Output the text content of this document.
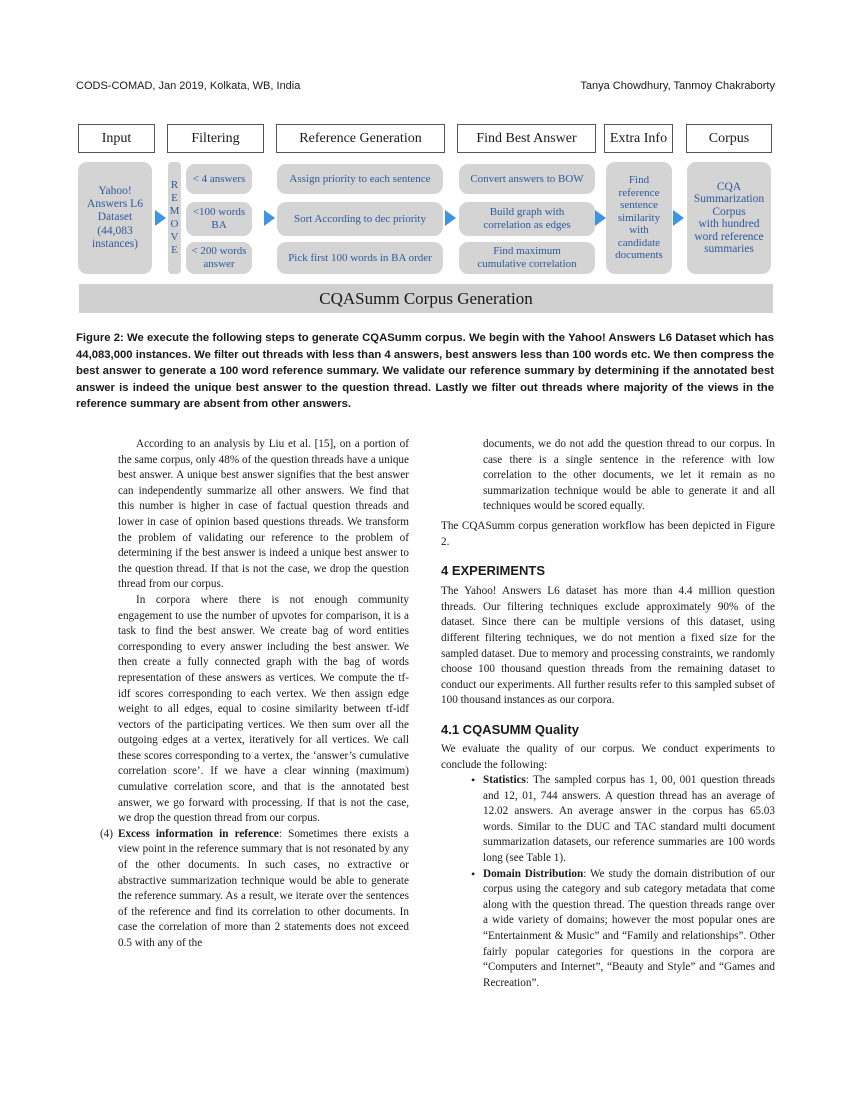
CODS-COMAD, Jan 2019, Kolkata, WB, India	Tanya Chowdhury, Tanmoy Chakraborty
Input	Filtering	Reference Generation	Find Best Answer	Extra Info	Corpus
Yahoo!
Answers L6
Dataset
(44,083
instances)
R
E
M
O
V
E
< 4 answers
<100 words BA
< 200 words answer
Assign priority to each sentence
Sort According to dec priority
Pick first 100 words in BA order
Convert answers to BOW
Build graph with correlation as edges
Find maximum cumulative correlation
Find
reference
sentence
similarity
with
candidate
documents
CQA
Summarization
Corpus
with hundred
word reference
summaries
CQASumm Corpus Generation
Figure 2: We execute the following steps to generate CQASumm corpus. We begin with the Yahoo! Answers L6 Dataset which has 44,083,000 instances. We filter out threads with less than 4 answers, best answers less than 100 words etc. We then compress the best answer to generate a 100 word reference summary. We validate our reference summary by determining if the annotated best answer is indeed the unique best answer to the question thread. Lastly we filter out threads where majority of the views in the reference summary are absent from other answers.

According to an analysis by Liu et al. [15], on a portion of the same corpus, only 48% of the question threads have a unique best answer. A unique best answer signifies that the best answer can independently summarize all other answers. We find that this number is higher in case of factual question threads and lower in case of opinion based questions threads. We transform the problem of validating our reference to the problem of determining if the best answer is indeed a unique best answer to the question thread. If that is not the case, we drop the question thread from our corpus.

In corpora where there is not enough community engagement to use the number of upvotes for comparison, it is a task to find the best answer. We create bag of word entities corresponding to every answer including the best answer. We then create a fully connected graph with the bag of words representation of these answers as vertices. We compute the tf-idf scores corresponding to each vertex. We then assign edge weight to all edges, equal to cosine similarity between tf-idf vectors of the participating vertices. We then sum over all the outgoing edges at a vertex, iteratively for all vertices. We call these scores corresponding to a vertex, the ‘answer’s cumulative correlation score’. If we have a clear winning (maximum) cumulative correlation score, and that is the annotated best answer, we go forward with processing. If that is not the case, we drop the question thread from our corpus.

(4) Excess information in reference: Sometimes there exists a view point in the reference summary that is not resonated by any of the other documents. In such cases, no extractive or abstractive summarization technique would be able to generate the reference summary. As a result, we iterate over the sentences of the reference and find its correlation to other documents. In case the correlation of more than 2 statements does not exceed 0.5 with any of the

documents, we do not add the question thread to our corpus. In case there is a single sentence in the reference with low correlation to the other documents, we let it remain as no summarization technique would be able to generate it and all techniques would be scored equally.

The CQASumm corpus generation workflow has been depicted in Figure 2.

4 EXPERIMENTS

The Yahoo! Answers L6 dataset has more than 4.4 million question threads. Our filtering techniques exclude approximately 90% of the dataset. Since there can be multiple versions of this dataset, using different filtering techniques, we do not mention a fixed size for the sampled dataset. Due to memory and processing constraints, we randomly choose 100 thousand question threads from the remaining dataset to conduct our experiments. All further results refer to this sampled subset of 100 thousand instances as our corpora.

4.1 CQASUMM Quality

We evaluate the quality of our corpus. We conduct experiments to conclude the following:

• Statistics: The sampled corpus has 1, 00, 001 question threads and 12, 01, 744 answers. A question thread has an average of 12.02 answers. An average answer in the corpus has 65.03 words. Similar to the DUC and TAC standard multi document summarization datasets, our reference summaries are 100 words long (see Table 1).

• Domain Distribution: We study the domain distribution of our corpus using the category and sub category metadata that come along with the question thread. The question threads range over a wide variety of domains; however the most popular ones are “Entertainment & Music” and “Family and relationships”. Other fairly popular categories for questions in the corpora are “Computers and Internet”, “Beauty and Style” and “Games and Recreation”.
